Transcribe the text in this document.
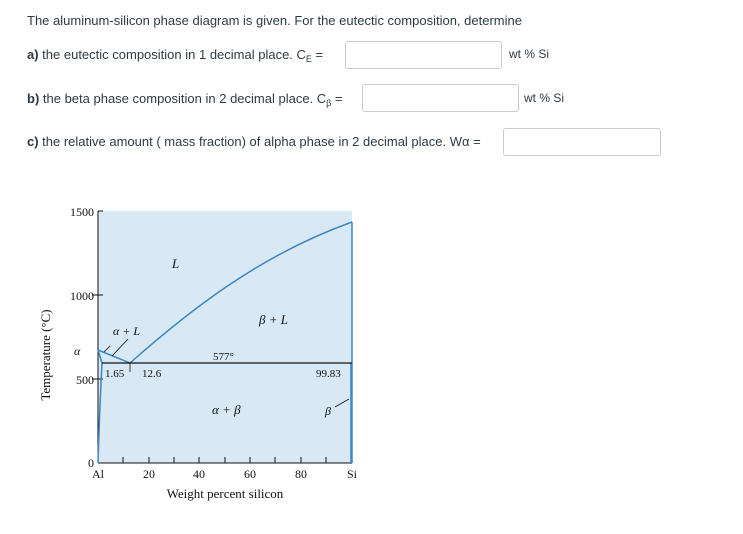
The aluminum-silicon phase diagram is given. For the eutectic composition, determine
a) the eutectic composition in 1 decimal place. $C_E$ =	wt % Si
b) the beta phase composition in 2 decimal place. $C_\beta$ =	wt % Si
c) the relative amount ( mass fraction) of alpha phase in 2 decimal place. Wα =
1500
1000
500
0
Al	20	40	60	80	Si
L
α + L
β + L
α + β
α
β
577°
1.65 12.6	99.83
Weight percent silicon
Temperature (°C)
